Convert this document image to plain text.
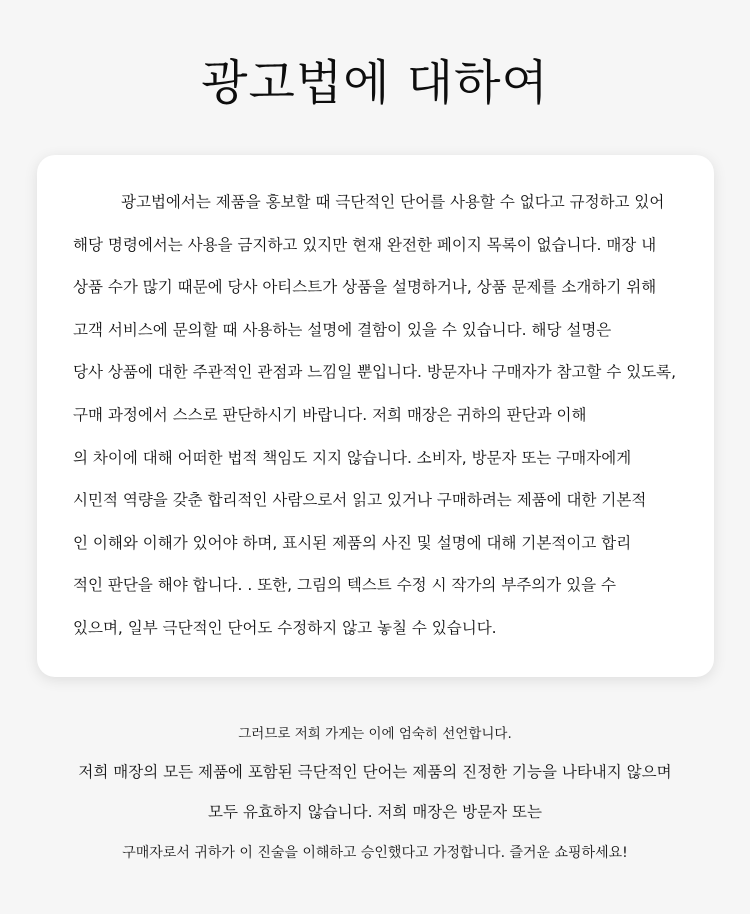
광고법에 대하여
광고법에서는 제품을 홍보할 때 극단적인 단어를 사용할 수 없다고 규정하고 있어
해당 명령에서는 사용을 금지하고 있지만 현재 완전한 페이지 목록이 없습니다. 매장 내
상품 수가 많기 때문에 당사 아티스트가 상품을 설명하거나, 상품 문제를 소개하기 위해
고객 서비스에 문의할 때 사용하는 설명에 결함이 있을 수 있습니다. 해당 설명은
당사 상품에 대한 주관적인 관점과 느낌일 뿐입니다. 방문자나 구매자가 참고할 수 있도록,
구매 과정에서 스스로 판단하시기 바랍니다. 저희 매장은 귀하의 판단과 이해
의 차이에 대해 어떠한 법적 책임도 지지 않습니다. 소비자, 방문자 또는 구매자에게
시민적 역량을 갖춘 합리적인 사람으로서 읽고 있거나 구매하려는 제품에 대한 기본적
인 이해와 이해가 있어야 하며, 표시된 제품의 사진 및 설명에 대해 기본적이고 합리
적인 판단을 해야 합니다. . 또한, 그림의 텍스트 수정 시 작가의 부주의가 있을 수
있으며, 일부 극단적인 단어도 수정하지 않고 놓칠 수 있습니다.
그러므로 저희 가게는 이에 엄숙히 선언합니다.
저희 매장의 모든 제품에 포함된 극단적인 단어는 제품의 진정한 기능을 나타내지 않으며
모두 유효하지 않습니다. 저희 매장은 방문자 또는
구매자로서 귀하가 이 진술을 이해하고 승인했다고 가정합니다. 즐거운 쇼핑하세요!
